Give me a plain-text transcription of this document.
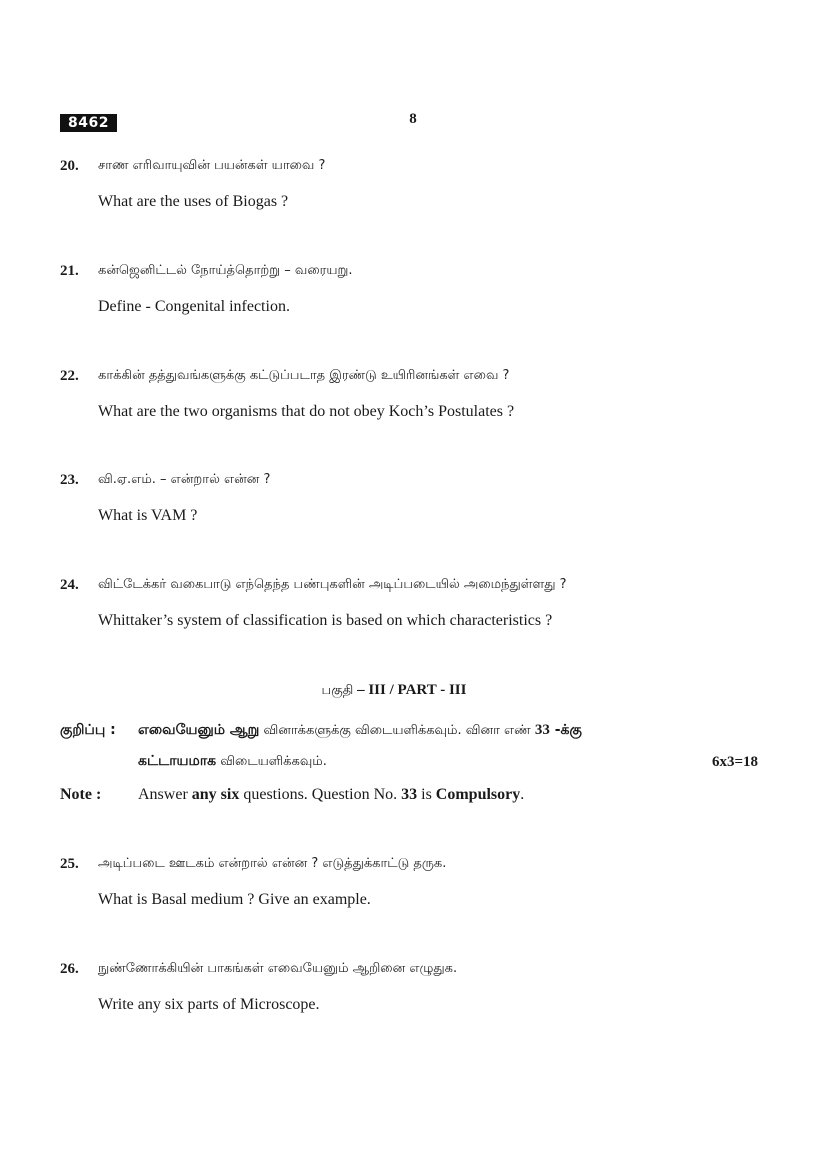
8462	8
20.	சாண எரிவாயுவின் பயன்கள் யாவை ?
What are the uses of Biogas ?
21.	கன்ஜெனிட்டல் நோய்த்தொற்று – வரையறு.
Define - Congenital infection.
22.	காக்கின் தத்துவங்களுக்கு கட்டுப்படாத இரண்டு உயிரினங்கள் எவை ?
What are the two organisms that do not obey Koch’s Postulates ?
23.	வி.ஏ.எம். – என்றால் என்ன ?
What is VAM ?
24.	விட்டேக்கர் வகைபாடு எந்தெந்த பண்புகளின் அடிப்படையில் அமைந்துள்ளது ?
Whittaker’s system of classification is based on which characteristics ?
பகுதி – III / PART - III
குறிப்பு : எவையேனும் ஆறு வினாக்களுக்கு விடையளிக்கவும். வினா எண் 33 -க்கு
கட்டாயமாக விடையளிக்கவும்.	6x3=18
Note : Answer any six questions. Question No. 33 is Compulsory.
25.	அடிப்படை ஊடகம் என்றால் என்ன ? எடுத்துக்காட்டு தருக.
What is Basal medium ? Give an example.
26.	நுண்ணோக்கியின் பாகங்கள் எவையேனும் ஆறினை எழுதுக.
Write any six parts of Microscope.
